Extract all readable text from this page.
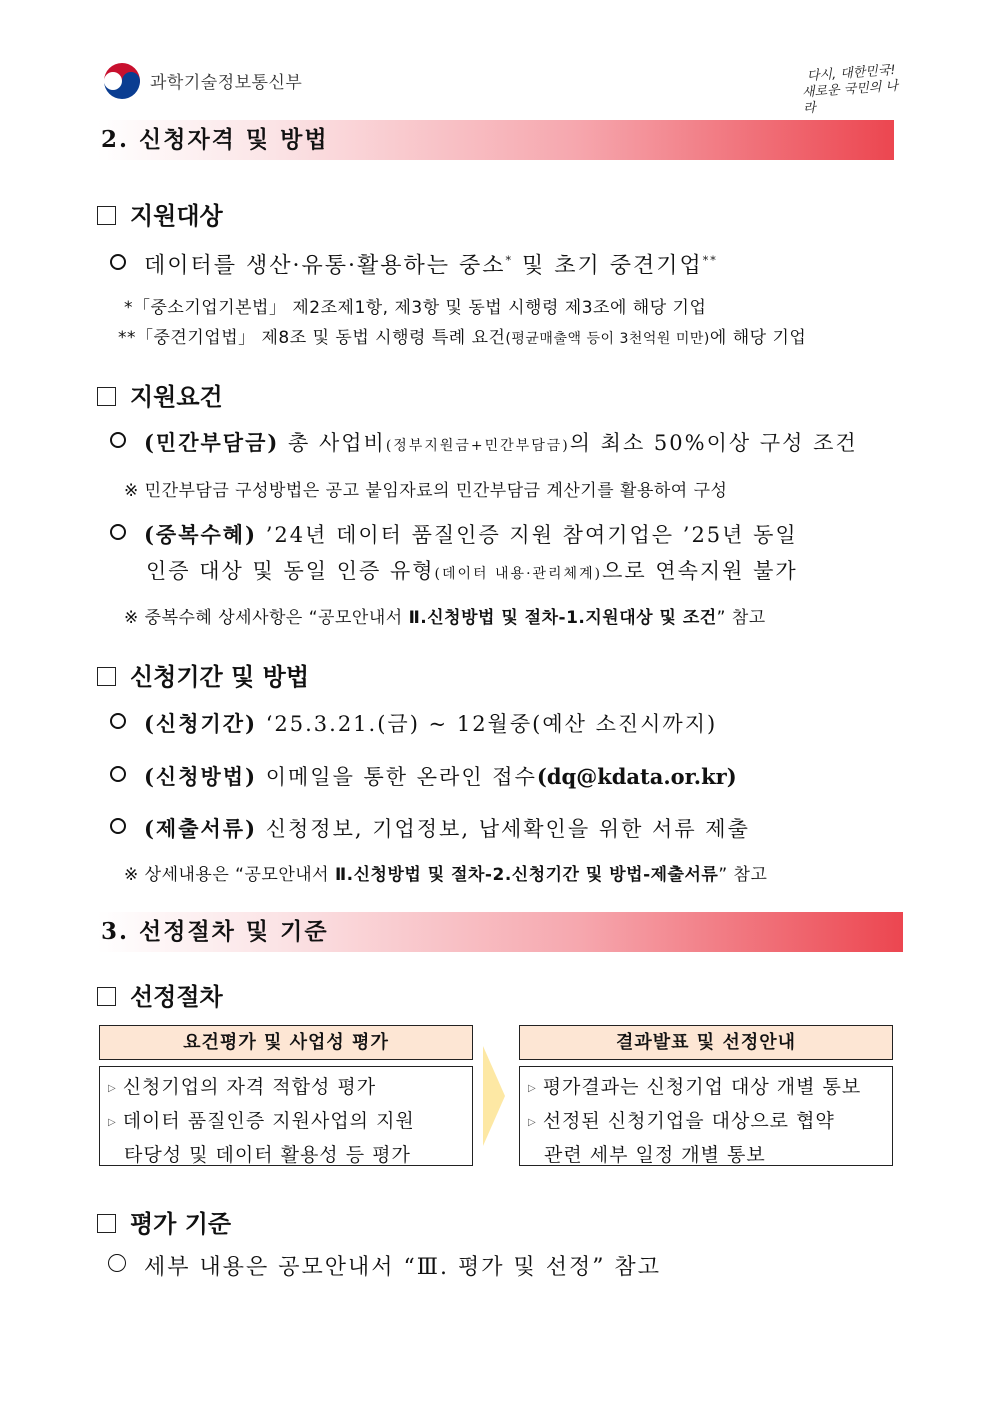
과학기술정보통신부	다시, 대한민국!
새로운 국민의 나라
2. 신청자격 및 방법
지원대상
데이터를 생산·유통·활용하는 중소* 및 초기 중견기업**
*「중소기업기본법」 제2조제1항, 제3항 및 동법 시행령 제3조에 해당 기업
**「중견기업법」 제8조 및 동법 시행령 특례 요건(평균매출액 등이 3천억원 미만)에 해당 기업
지원요건
(민간부담금) 총 사업비(정부지원금+민간부담금)의 최소 50%이상 구성 조건
※ 민간부담금 구성방법은 공고 붙임자료의 민간부담금 계산기를 활용하여 구성
(중복수혜) ’24년 데이터 품질인증 지원 참여기업은 ’25년 동일
인증 대상 및 동일 인증 유형(데이터 내용·관리체계)으로 연속지원 불가
※ 중복수혜 상세사항은 “공모안내서 Ⅱ.신청방법 및 절차-1.지원대상 및 조건” 참고
신청기간 및 방법
(신청기간) ‘25.3.21.(금) ~ 12월중(예산 소진시까지)
(신청방법) 이메일을 통한 온라인 접수(dq@kdata.or.kr)
(제출서류) 신청정보, 기업정보, 납세확인을 위한 서류 제출
※ 상세내용은 “공모안내서 Ⅱ.신청방법 및 절차-2.신청기간 및 방법-제출서류” 참고
3. 선정절차 및 기준
선정절차
요건평가 및 사업성 평가
▷ 신청기업의 자격 적합성 평가
▷ 데이터 품질인증 지원사업의 지원
타당성 및 데이터 활용성 등 평가
결과발표 및 선정안내
▷ 평가결과는 신청기업 대상 개별 통보
▷ 선정된 신청기업을 대상으로 협약
관련 세부 일정 개별 통보
평가 기준
세부 내용은 공모안내서 “Ⅲ. 평가 및 선정” 참고
